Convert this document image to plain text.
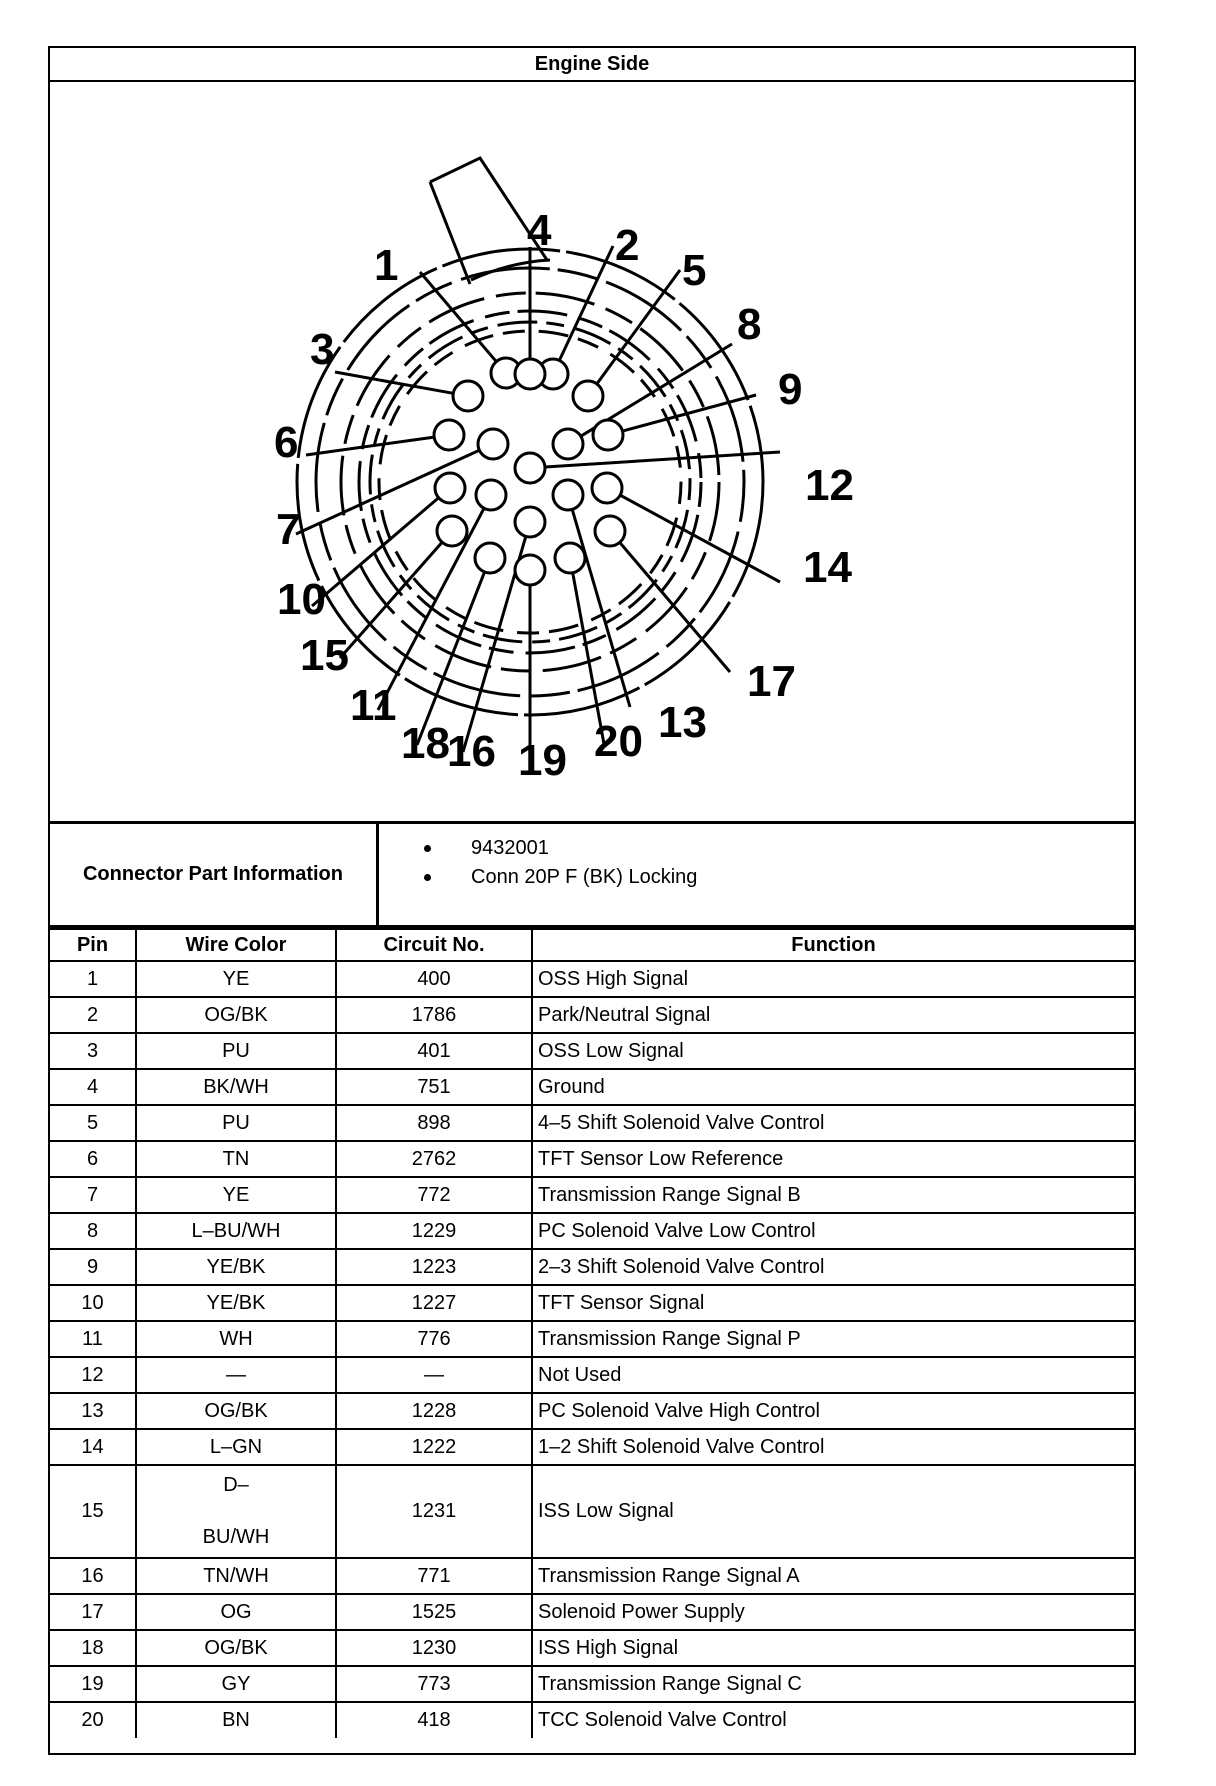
Engine Side
1	2
3
4
5
6
7
8
9
10
11
12
13
14
15
16
17
18 19 20
Connector Part Information
9432001
Conn 20P F (BK) Locking
Pin	Wire Color	Circuit No.	Function
1	YE	400	OSS High Signal
2	OG/BK	1786	Park/Neutral Signal
3	PU	401	OSS Low Signal
4	BK/WH	751	Ground
5	PU	898	4–5 Shift Solenoid Valve Control
6	TN	2762	TFT Sensor Low Reference
7	YE	772	Transmission Range Signal B
8	L–BU/WH	1229	PC Solenoid Valve Low Control
9	YE/BK	1223	2–3 Shift Solenoid Valve Control
10	YE/BK	1227	TFT Sensor Signal
11	WH	776	Transmission Range Signal P
12	—	—	Not Used
13	OG/BK	1228	PC Solenoid Valve High Control
14	L–GN	1222	1–2 Shift Solenoid Valve Control
15	D–
BU/WH	1231	ISS Low Signal
16	TN/WH	771	Transmission Range Signal A
17	OG	1525	Solenoid Power Supply
18	OG/BK	1230	ISS High Signal
19	GY	773	Transmission Range Signal C
20	BN	418	TCC Solenoid Valve Control
